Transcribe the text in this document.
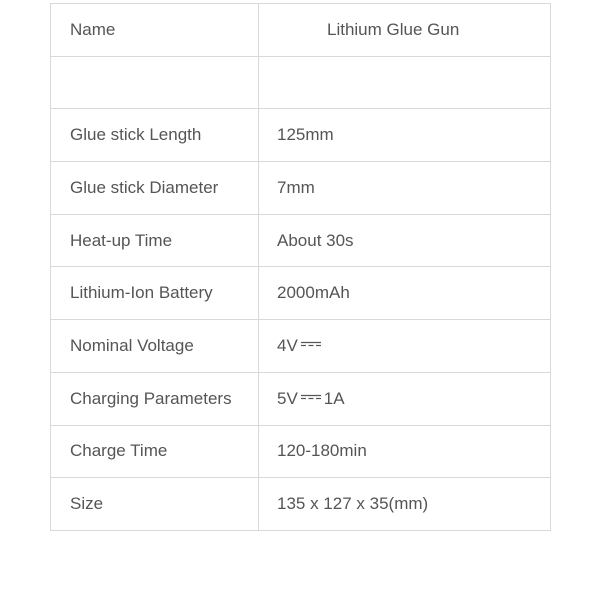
Name	Lithium Glue Gun

Glue stick Length	125mm
Glue stick Diameter	7mm
Heat-up Time	About 30s
Lithium-Ion Battery	2000mAh
Nominal Voltage	4V
Charging Parameters	5V 1A
Charge Time	120-180min
Size	135 x 127 x 35(mm)
